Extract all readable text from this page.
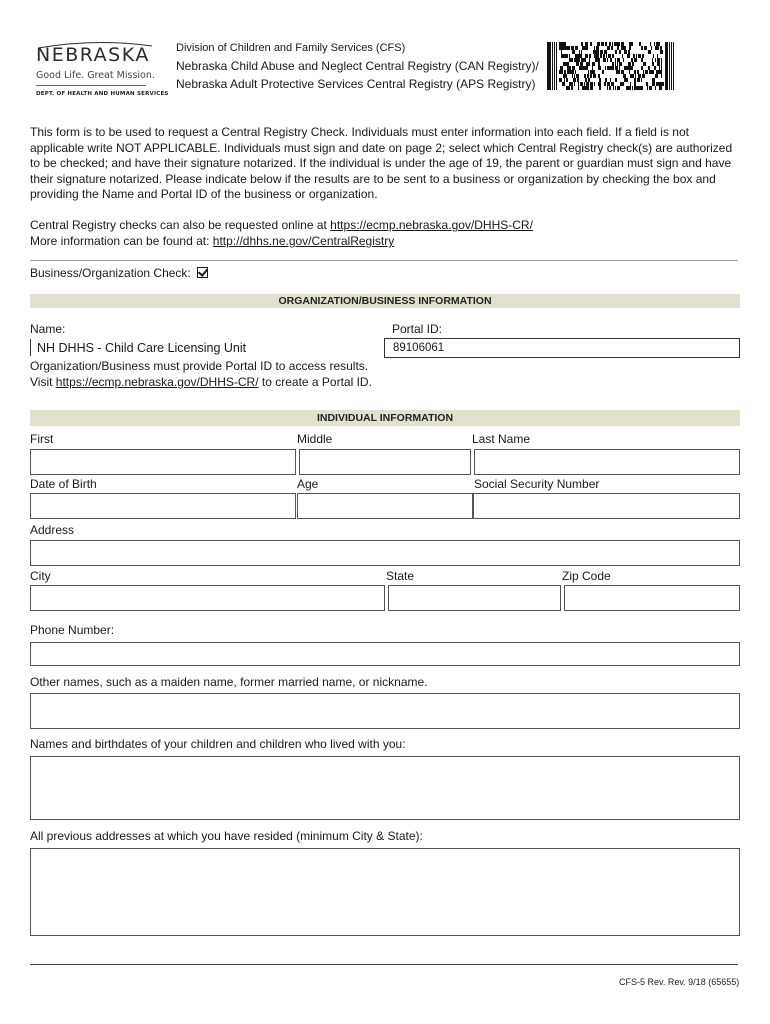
NEBRASKA
Good Life. Great Mission.
DEPT. OF HEALTH AND HUMAN SERVICES
Division of Children and Family Services (CFS)
Nebraska Child Abuse and Neglect Central Registry (CAN Registry)/
Nebraska Adult Protective Services Central Registry (APS Registry)
This form is to be used to request a Central Registry Check. Individuals must enter information into each field. If a field is not applicable write NOT APPLICABLE. Individuals must sign and date on page 2; select which Central Registry check(s) are authorized to be checked; and have their signature notarized. If the individual is under the age of 19, the parent or guardian must sign and have their signature notarized. Please indicate below if the results are to be sent to a business or organization by checking the box and providing the Name and Portal ID of the business or organization.
Central Registry checks can also be requested online at https://ecmp.nebraska.gov/DHHS-CR/
More information can be found at: http://dhhs.ne.gov/CentralRegistry
Business/Organization Check:
ORGANIZATION/BUSINESS INFORMATION
Name:	Portal ID:
NH DHHS - Child Care Licensing Unit	89106061
Organization/Business must provide Portal ID to access results.
Visit https://ecmp.nebraska.gov/DHHS-CR/ to create a Portal ID.
INDIVIDUAL INFORMATION
First	Middle	Last Name
Date of Birth	Age	Social Security Number
Address
City	State	Zip Code
Phone Number:
Other names, such as a maiden name, former married name, or nickname.
Names and birthdates of your children and children who lived with you:
All previous addresses at which you have resided (minimum City & State):
CFS-5 Rev. Rev. 9/18 (65655)
